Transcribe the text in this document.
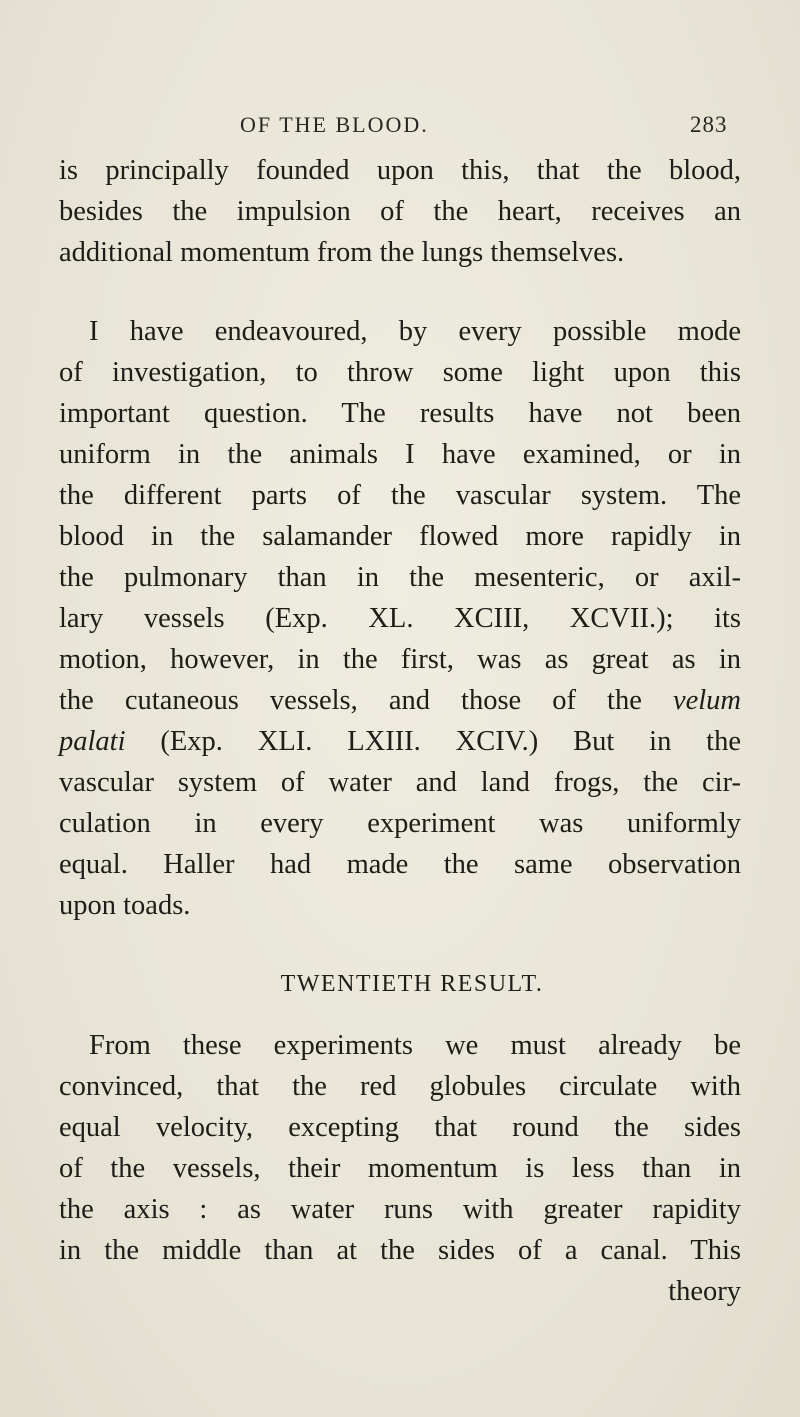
OF THE BLOOD.	283
is principally founded upon this, that the blood,
besides the impulsion of the heart, receives an
additional momentum from the lungs themselves.
I have endeavoured, by every possible mode
of investigation, to throw some light upon this
important question. The results have not been
uniform in the animals I have examined, or in
the different parts of the vascular system. The
blood in the salamander flowed more rapidly in
the pulmonary than in the mesenteric, or axil-
lary vessels (Exp. XL. XCIII, XCVII.); its
motion, however, in the first, was as great as in
the cutaneous vessels, and those of the velum
palati (Exp. XLI. LXIII. XCIV.) But in the
vascular system of water and land frogs, the cir-
culation in every experiment was uniformly
equal. Haller had made the same observation
upon toads.
TWENTIETH RESULT.
From these experiments we must already be
convinced, that the red globules circulate with
equal velocity, excepting that round the sides
of the vessels, their momentum is less than in
the axis : as water runs with greater rapidity
in the middle than at the sides of a canal. This
theory
